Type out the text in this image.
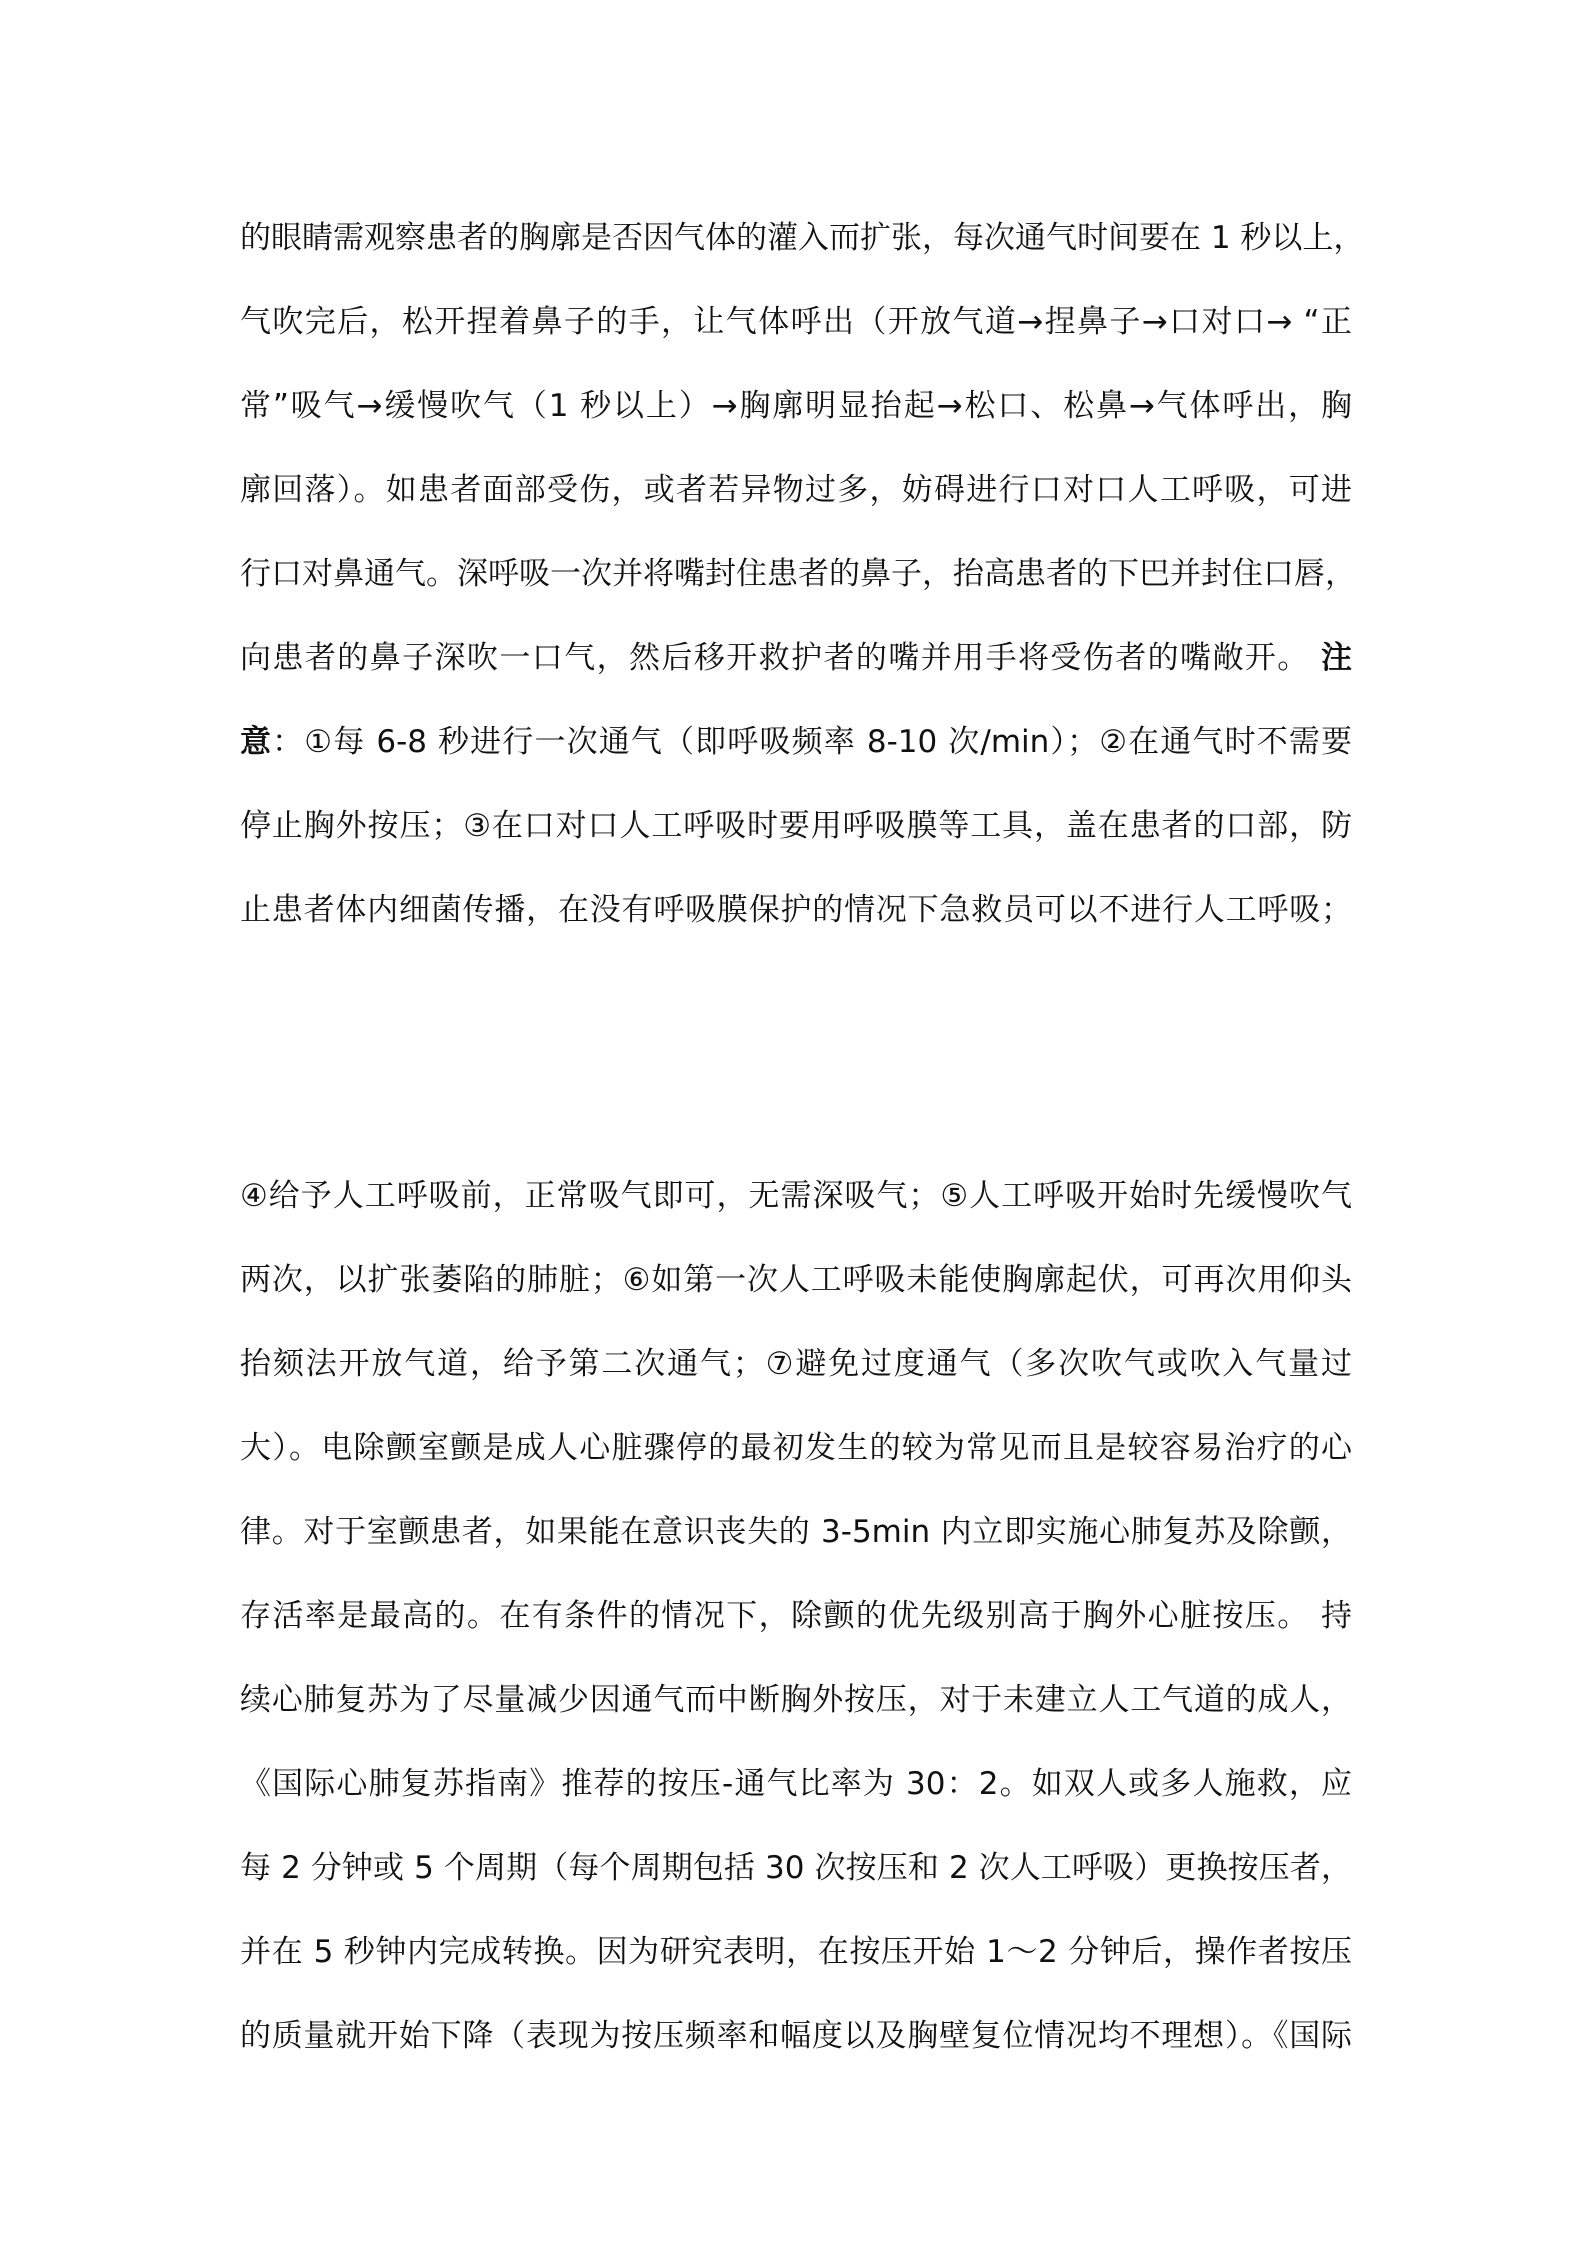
的眼睛需观察患者的胸廓是否因气体的灌入而扩张，每次通气时间要在 1 秒以上，
气吹完后，松开捏着鼻子的手，让气体呼出（开放气道→捏鼻子→口对口→ “正
常”吸气→缓慢吹气（1 秒以上）→胸廓明显抬起→松口、松鼻→气体呼出，胸
廓回落）。如患者面部受伤，或者若异物过多，妨碍进行口对口人工呼吸，可进
行口对鼻通气。深呼吸一次并将嘴封住患者的鼻子，抬高患者的下巴并封住口唇，
向患者的鼻子深吹一口气，然后移开救护者的嘴并用手将受伤者的嘴敞开。 注
意：①每 6-8 秒进行一次通气（即呼吸频率 8-10 次/min）；②在通气时不需要
停止胸外按压；③在口对口人工呼吸时要用呼吸膜等工具，盖在患者的口部，防
止患者体内细菌传播，在没有呼吸膜保护的情况下急救员可以不进行人工呼吸；
④给予人工呼吸前，正常吸气即可，无需深吸气；⑤人工呼吸开始时先缓慢吹气
两次，以扩张萎陷的肺脏；⑥如第一次人工呼吸未能使胸廓起伏，可再次用仰头
抬颏法开放气道，给予第二次通气；⑦避免过度通气（多次吹气或吹入气量过
大）。电除颤室颤是成人心脏骤停的最初发生的较为常见而且是较容易治疗的心
律。对于室颤患者，如果能在意识丧失的 3-5min 内立即实施心肺复苏及除颤，
存活率是最高的。在有条件的情况下，除颤的优先级别高于胸外心脏按压。 持
续心肺复苏为了尽量减少因通气而中断胸外按压，对于未建立人工气道的成人，
《国际心肺复苏指南》推荐的按压-通气比率为 30：2。如双人或多人施救，应
每 2 分钟或 5 个周期（每个周期包括 30 次按压和 2 次人工呼吸）更换按压者，
并在 5 秒钟内完成转换。因为研究表明，在按压开始 1～2 分钟后，操作者按压
的质量就开始下降（表现为按压频率和幅度以及胸壁复位情况均不理想）。《国际
